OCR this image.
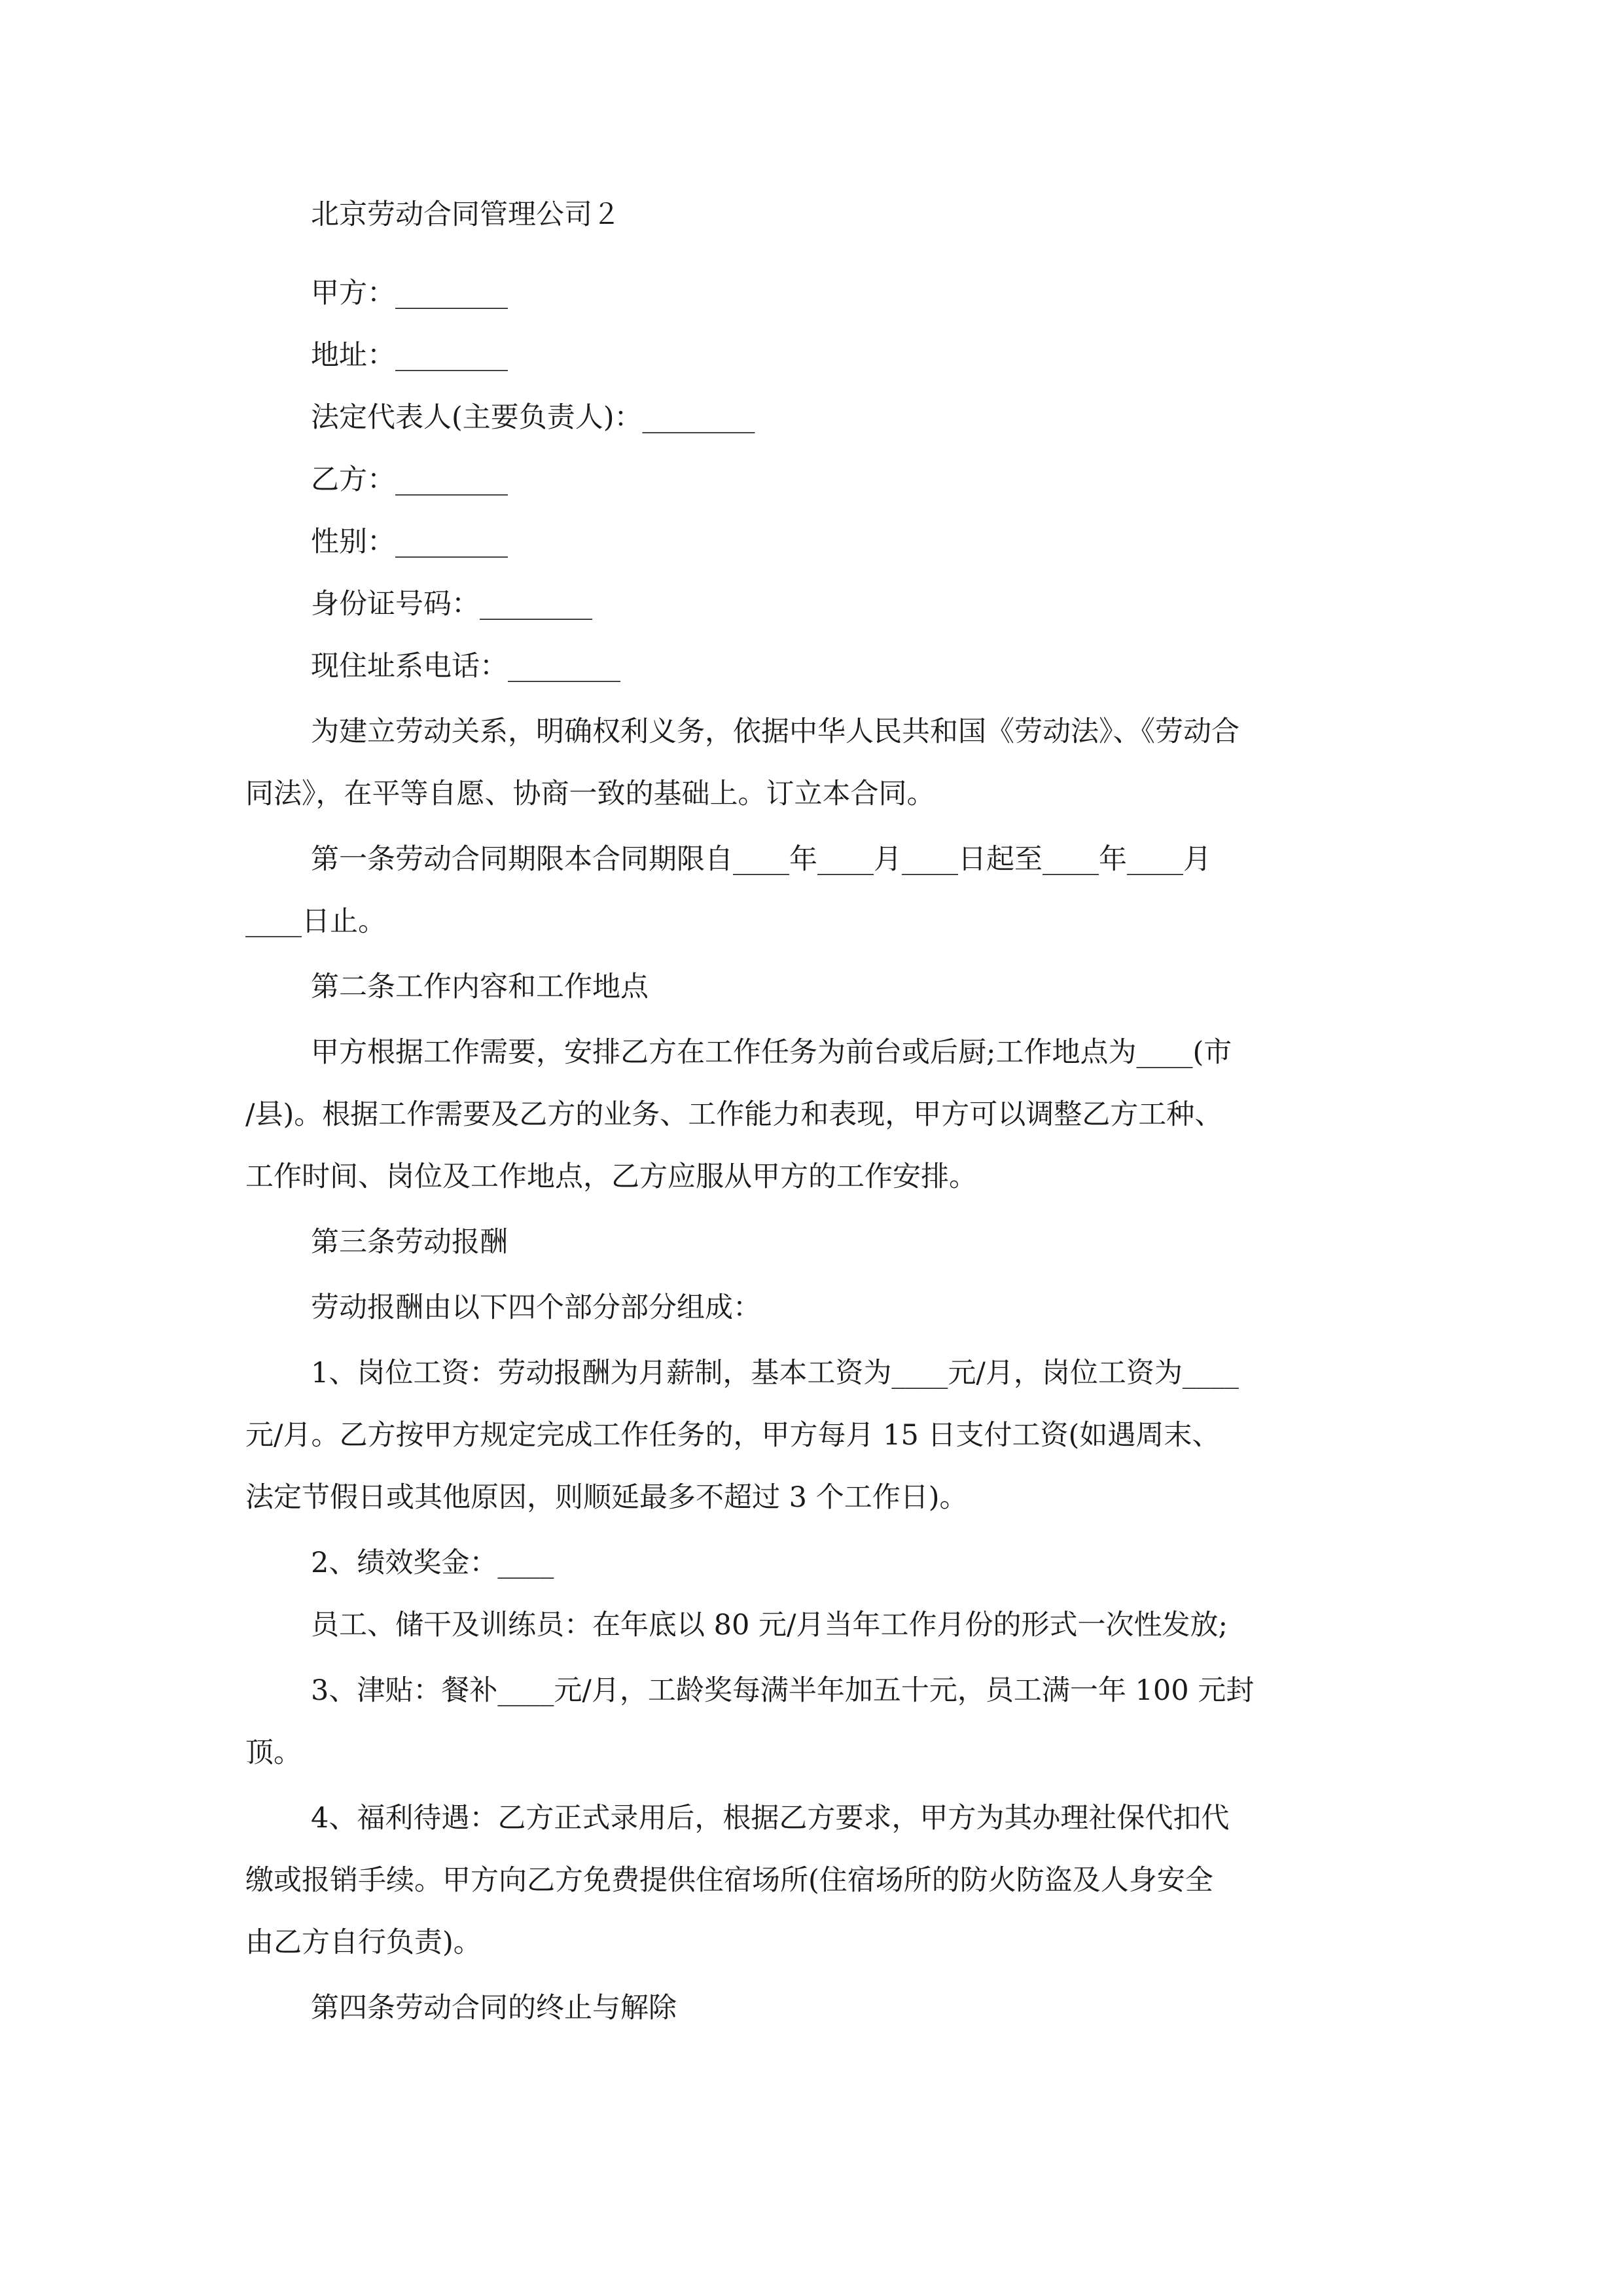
北京劳动合同管理公司２

甲方：________

地址：________

法定代表人(主要负责人)：________

乙方：________

性别：________

身份证号码：________

现住址系电话：________

为建立劳动关系，明确权利义务，依据中华人民共和国《劳动法》、《劳动合

同法》，在平等自愿、协商一致的基础上。订立本合同。

第一条劳动合同期限本合同期限自____年____月____日起至____年____月

____日止。

第二条工作内容和工作地点

甲方根据工作需要，安排乙方在工作任务为前台或后厨;工作地点为____(市

/县)。根据工作需要及乙方的业务、工作能力和表现，甲方可以调整乙方工种、

工作时间、岗位及工作地点，乙方应服从甲方的工作安排。

第三条劳动报酬

劳动报酬由以下四个部分部分组成：

1、岗位工资：劳动报酬为月薪制，基本工资为____元/月，岗位工资为____

元/月。乙方按甲方规定完成工作任务的，甲方每月 15 日支付工资(如遇周末、

法定节假日或其他原因，则顺延最多不超过 3 个工作日)。

2、绩效奖金：____

员工、储干及训练员：在年底以 80 元/月当年工作月份的形式一次性发放;

3、津贴：餐补____元/月，工龄奖每满半年加五十元，员工满一年 100 元封

顶。

4、福利待遇：乙方正式录用后，根据乙方要求，甲方为其办理社保代扣代

缴或报销手续。甲方向乙方免费提供住宿场所(住宿场所的防火防盗及人身安全

由乙方自行负责)。

第四条劳动合同的终止与解除
